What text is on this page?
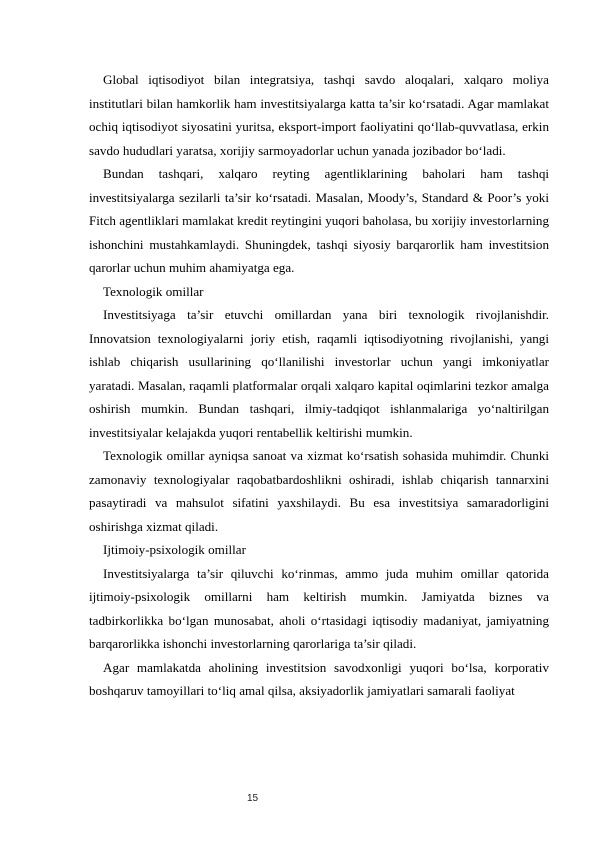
Global iqtisodiyot bilan integratsiya, tashqi savdo aloqalari, xalqaro moliya institutlari bilan hamkorlik ham investitsiyalarga katta ta’sir ko‘rsatadi. Agar mamlakat ochiq iqtisodiyot siyosatini yuritsa, eksport-import faoliyatini qo‘llab-quvvatlasa, erkin savdo hududlari yaratsa, xorijiy sarmoyadorlar uchun yanada jozibador bo‘ladi.

Bundan tashqari, xalqaro reyting agentliklarining baholari ham tashqi investitsiyalarga sezilarli ta’sir ko‘rsatadi. Masalan, Moody’s, Standard & Poor’s yoki Fitch agentliklari mamlakat kredit reytingini yuqori baholasa, bu xorijiy investorlarning ishonchini mustahkamlaydi. Shuningdek, tashqi siyosiy barqarorlik ham investitsion qarorlar uchun muhim ahamiyatga ega.

Texnologik omillar

Investitsiyaga ta’sir etuvchi omillardan yana biri texnologik rivojlanishdir. Innovatsion texnologiyalarni joriy etish, raqamli iqtisodiyotning rivojlanishi, yangi ishlab chiqarish usullarining qo‘llanilishi investorlar uchun yangi imkoniyatlar yaratadi. Masalan, raqamli platformalar orqali xalqaro kapital oqimlarini tezkor amalga oshirish mumkin. Bundan tashqari, ilmiy-tadqiqot ishlanmalariga yo‘naltirilgan investitsiyalar kelajakda yuqori rentabellik keltirishi mumkin.

Texnologik omillar ayniqsa sanoat va xizmat ko‘rsatish sohasida muhimdir. Chunki zamonaviy texnologiyalar raqobatbardoshlikni oshiradi, ishlab chiqarish tannarxini pasaytiradi va mahsulot sifatini yaxshilaydi. Bu esa investitsiya samaradorligini oshirishga xizmat qiladi.

Ijtimoiy-psixologik omillar

Investitsiyalarga ta’sir qiluvchi ko‘rinmas, ammo juda muhim omillar qatorida ijtimoiy-psixologik omillarni ham keltirish mumkin. Jamiyatda biznes va tadbirkorlikka bo‘lgan munosabat, aholi o‘rtasidagi iqtisodiy madaniyat, jamiyatning barqarorlikka ishonchi investorlarning qarorlariga ta’sir qiladi.

Agar mamlakatda aholining investitsion savodxonligi yuqori bo‘lsa, korporativ boshqaruv tamoyillari to‘liq amal qilsa, aksiyadorlik jamiyatlari samarali faoliyat

15
